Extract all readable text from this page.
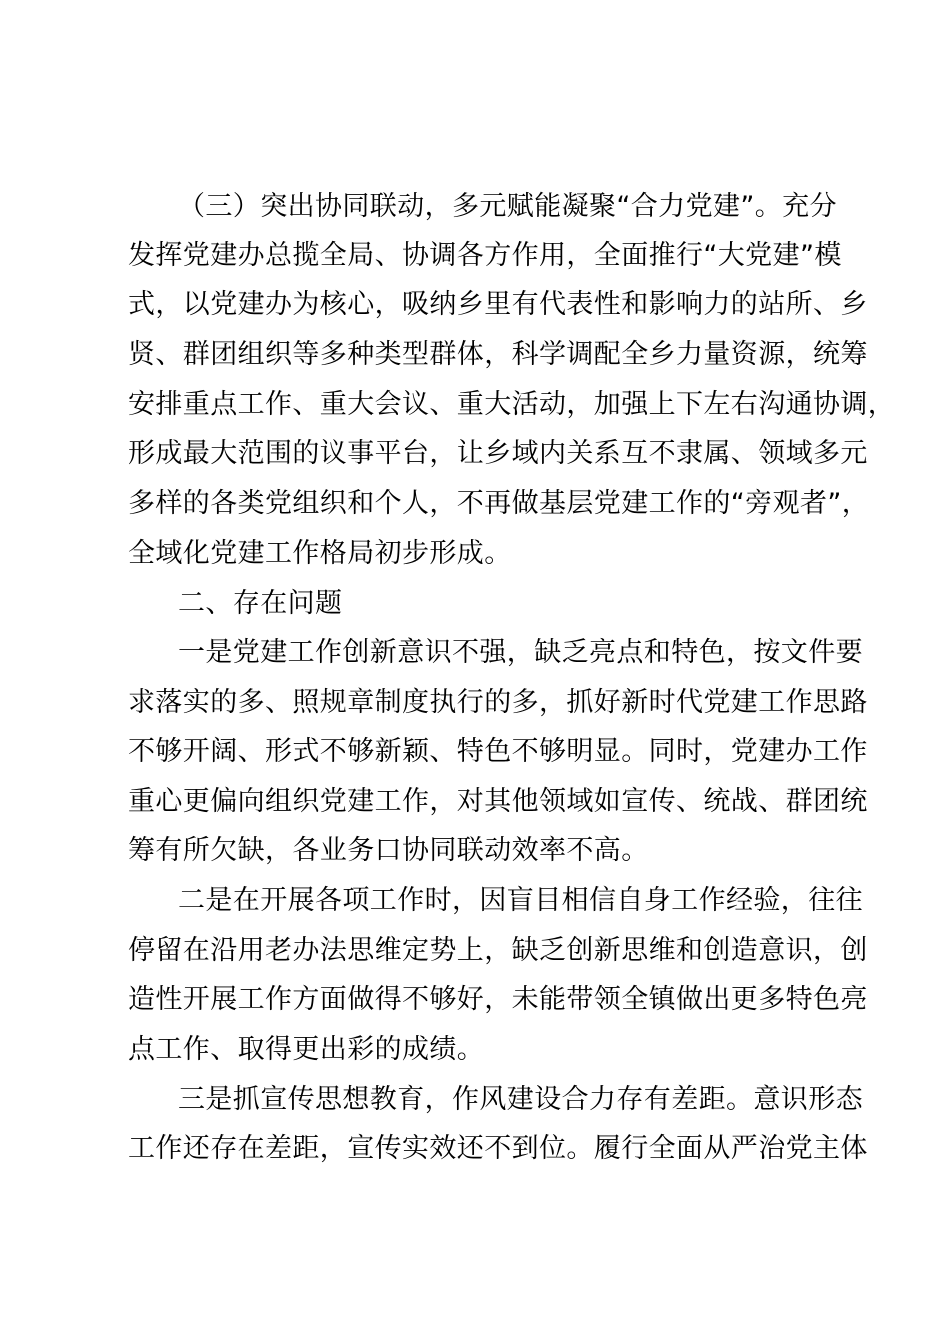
（三）突出协同联动，多元赋能凝聚“合力党建”。充分
发挥党建办总揽全局、协调各方作用，全面推行“大党建”模
式，以党建办为核心，吸纳乡里有代表性和影响力的站所、乡
贤、群团组织等多种类型群体，科学调配全乡力量资源，统筹
安排重点工作、重大会议、重大活动，加强上下左右沟通协调，
形成最大范围的议事平台，让乡域内关系互不隶属、领域多元
多样的各类党组织和个人，不再做基层党建工作的“旁观者”，
全域化党建工作格局初步形成。
二、存在问题
一是党建工作创新意识不强，缺乏亮点和特色，按文件要
求落实的多、照规章制度执行的多，抓好新时代党建工作思路
不够开阔、形式不够新颖、特色不够明显。同时，党建办工作
重心更偏向组织党建工作，对其他领域如宣传、统战、群团统
筹有所欠缺，各业务口协同联动效率不高。
二是在开展各项工作时，因盲目相信自身工作经验，往往
停留在沿用老办法思维定势上，缺乏创新思维和创造意识，创
造性开展工作方面做得不够好，未能带领全镇做出更多特色亮
点工作、取得更出彩的成绩。
三是抓宣传思想教育，作风建设合力存有差距。意识形态
工作还存在差距，宣传实效还不到位。履行全面从严治党主体
